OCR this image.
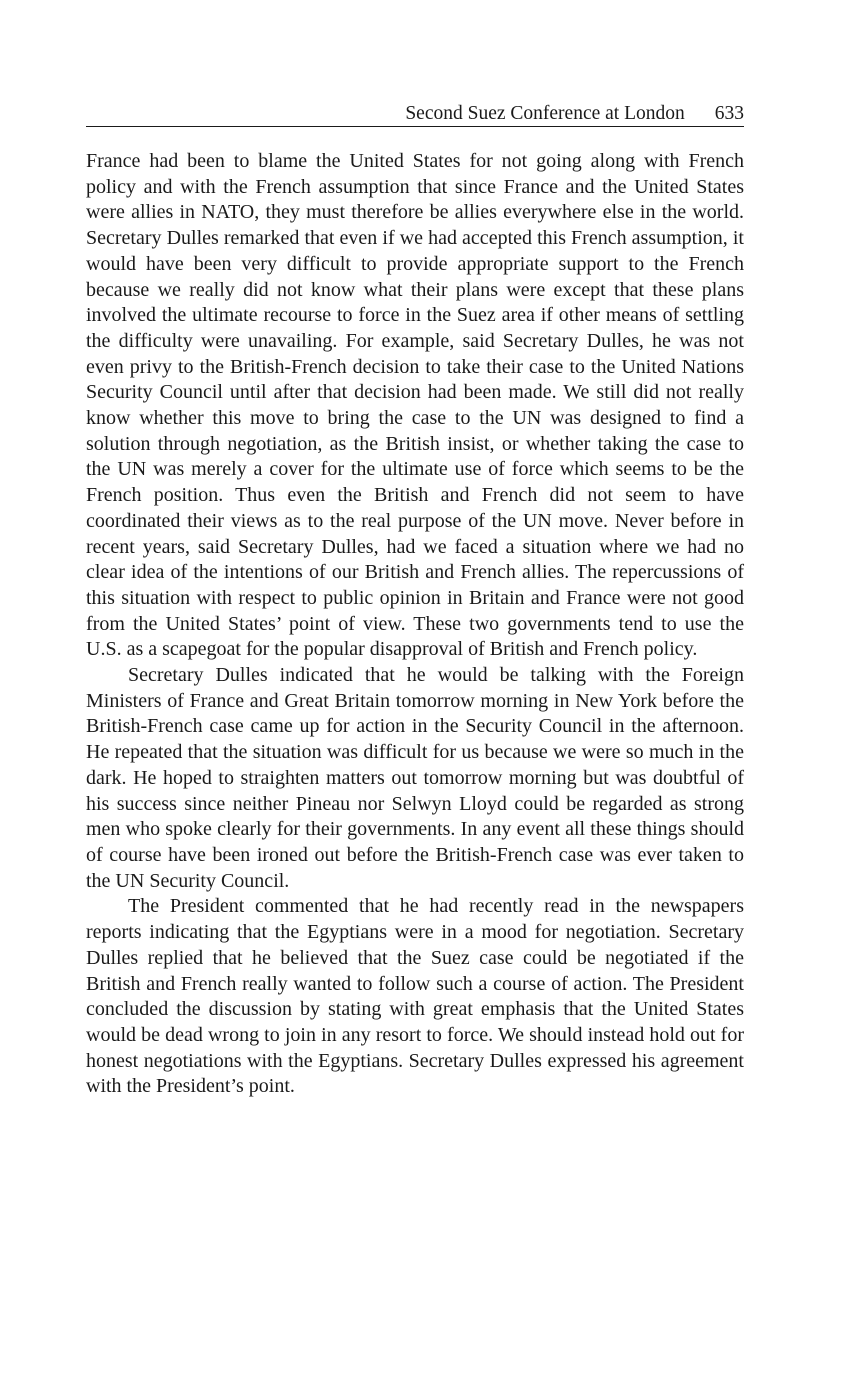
Second Suez Conference at London 633

France had been to blame the United States for not going along with French policy and with the French assumption that since France and the United States were allies in NATO, they must therefore be allies everywhere else in the world. Secretary Dulles remarked that even if we had accepted this French assumption, it would have been very difficult to provide appropriate support to the French because we really did not know what their plans were except that these plans involved the ultimate recourse to force in the Suez area if other means of settling the difficulty were unavailing. For example, said Secretary Dulles, he was not even privy to the British-French decision to take their case to the United Nations Security Council until after that decision had been made. We still did not really know whether this move to bring the case to the UN was designed to find a solution through negotiation, as the British insist, or whether taking the case to the UN was merely a cover for the ultimate use of force which seems to be the French position. Thus even the British and French did not seem to have coordinated their views as to the real purpose of the UN move. Never before in recent years, said Secretary Dulles, had we faced a situation where we had no clear idea of the intentions of our British and French allies. The repercussions of this situation with respect to public opinion in Britain and France were not good from the United States’ point of view. These two governments tend to use the U.S. as a scapegoat for the popular disapproval of British and French policy.

Secretary Dulles indicated that he would be talking with the Foreign Ministers of France and Great Britain tomorrow morning in New York before the British-French case came up for action in the Security Council in the afternoon. He repeated that the situation was difficult for us because we were so much in the dark. He hoped to straighten matters out tomorrow morning but was doubtful of his success since neither Pineau nor Selwyn Lloyd could be regarded as strong men who spoke clearly for their governments. In any event all these things should of course have been ironed out before the British-French case was ever taken to the UN Security Council.

The President commented that he had recently read in the newspapers reports indicating that the Egyptians were in a mood for negotiation. Secretary Dulles replied that he believed that the Suez case could be negotiated if the British and French really wanted to follow such a course of action. The President concluded the discussion by stating with great emphasis that the United States would be dead wrong to join in any resort to force. We should instead hold out for honest negotiations with the Egyptians. Secretary Dulles expressed his agreement with the President’s point.
